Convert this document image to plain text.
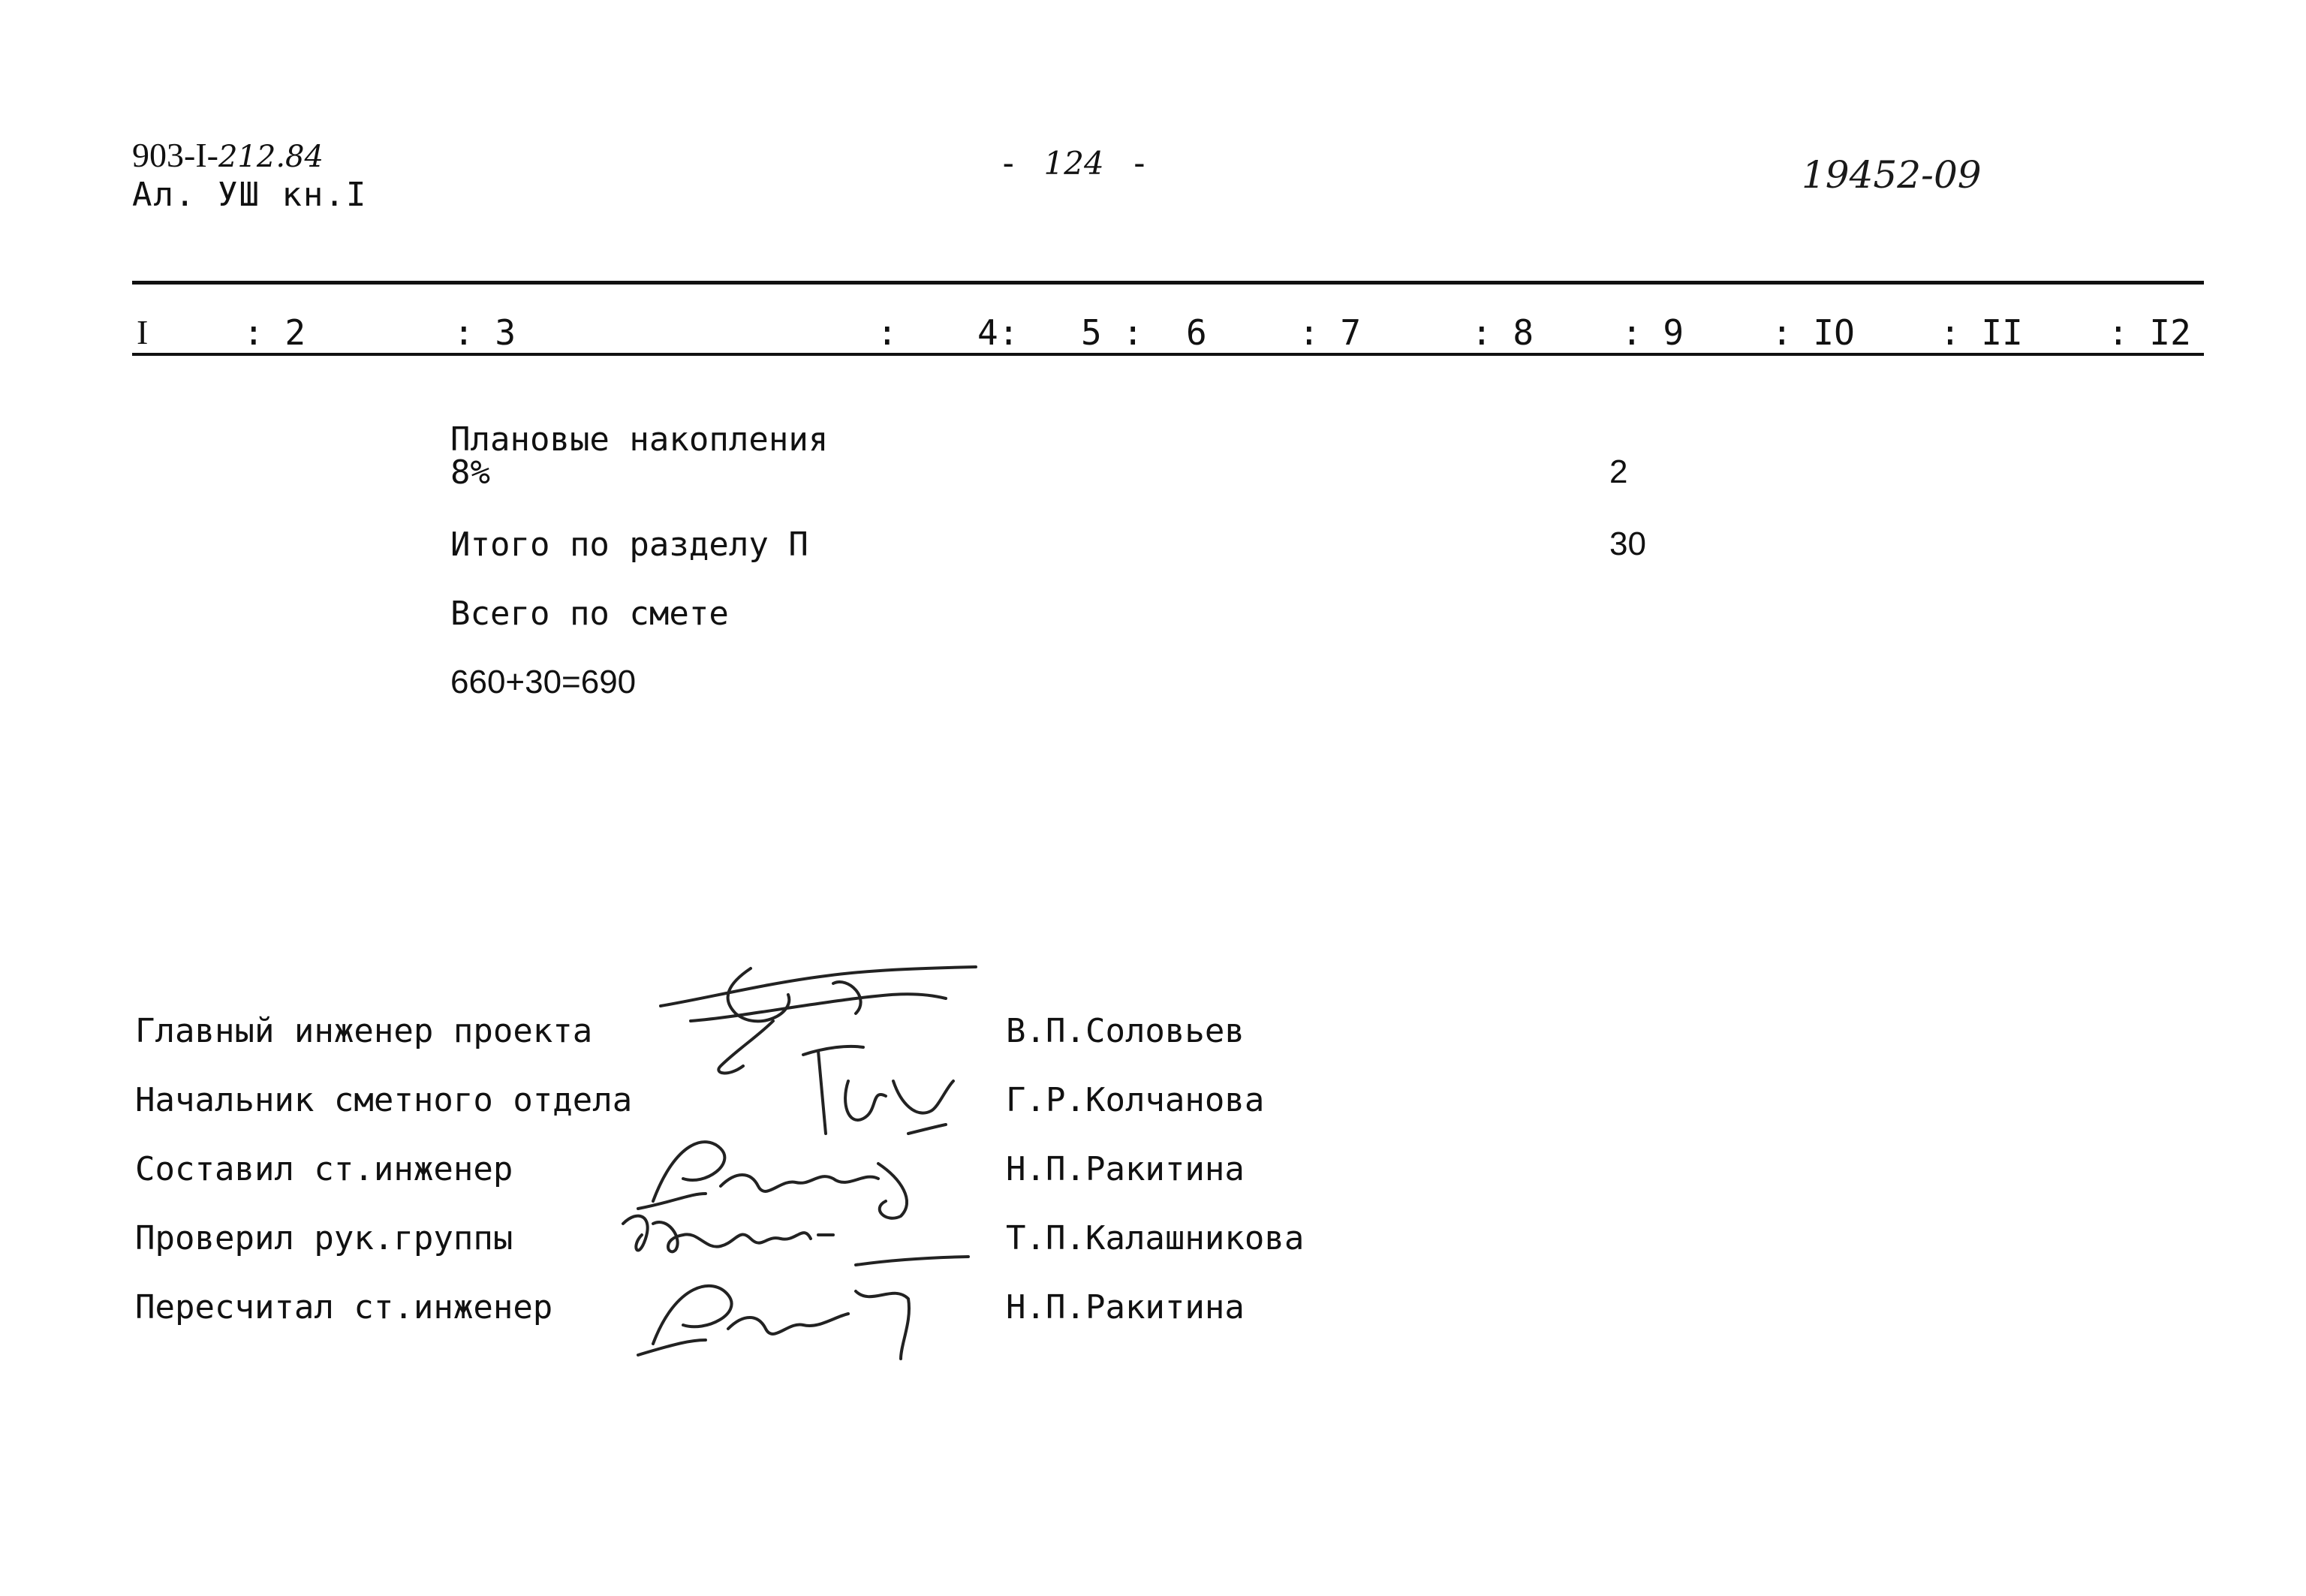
903-I-212.84
Ал. УШ кн.I
- 124 -	19452-09
I	: 2	: 3	: 4: 5 : 6	: 7	: 8	: 9	: IO : II : I2
Плановые накопления
8%	2
Итого по разделу П	30
Всего по смете
660+30=690
Главный инженер проекта	В.П.Соловьев
Начальник сметного отдела	Г.Р.Колчанова
Составил ст.инженер	Н.П.Ракитина
Проверил рук.группы	Т.П.Калашникова
Пересчитал ст.инженер	Н.П.Ракитина
